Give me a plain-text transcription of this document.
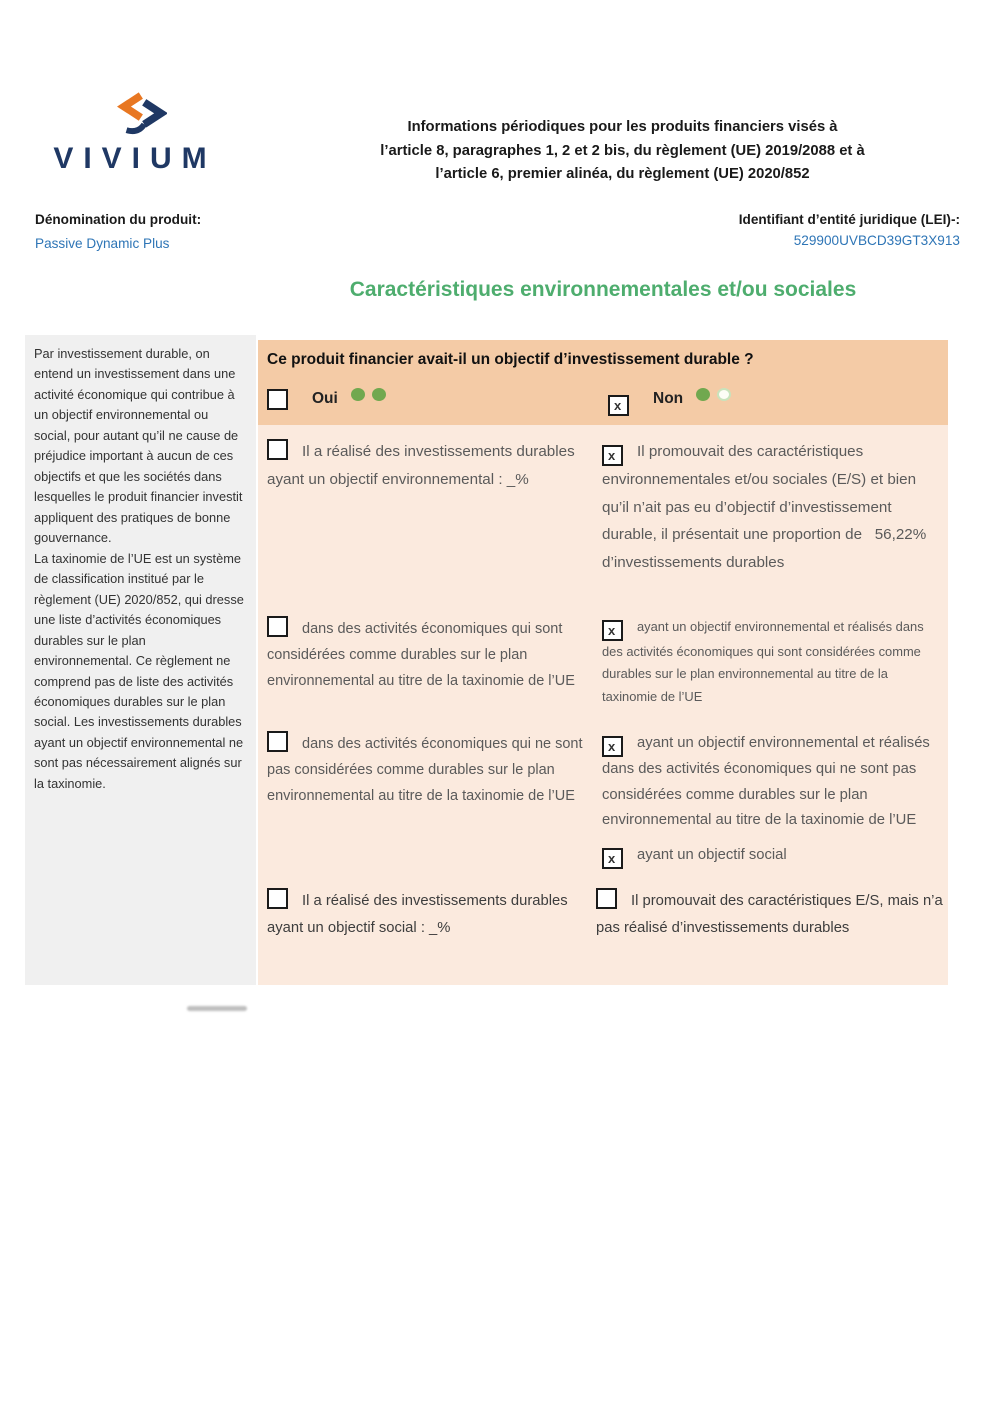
VIVIUM
Informations périodiques pour les produits financiers visés à
l’article 8, paragraphes 1, 2 et 2 bis, du règlement (UE) 2019/2088 et à
l’article 6, premier alinéa, du règlement (UE) 2020/852
Dénomination du produit:
Passive Dynamic Plus
Identifiant d’entité juridique (LEI)-:
529900UVBCD39GT3X913
Caractéristiques environnementales et/ou sociales

Par investissement durable, on entend un investissement dans une activité économique qui contribue à un objectif environnemental ou social, pour autant qu’il ne cause de préjudice important à aucun de ces objectifs et que les sociétés dans lesquelles le produit financier investit appliquent des pratiques de bonne gouvernance.

La taxinomie de l’UE est un système de classification institué par le règlement (UE) 2020/852, qui dresse une liste d’activités économiques durables sur le plan environnemental. Ce règlement ne comprend pas de liste des activités économiques durables sur le plan social. Les investissements durables ayant un objectif environnemental ne sont pas nécessairement alignés sur la taxinomie.

Ce produit financier avait-il un objectif d’investissement durable ?
Oui	x Non
Il a réalisé des investissements durables ayant un objectif environnemental : _%
dans des activités économiques qui sont considérées comme durables sur le plan environnemental au titre de la taxinomie de l’UE
dans des activités économiques qui ne sont pas considérées comme durables sur le plan environnemental au titre de la taxinomie de l’UE
Il a réalisé des investissements durables ayant un objectif social : _%
x Il promouvait des caractéristiques environnementales et/ou sociales (E/S) et bien qu’il n’ait pas eu d’objectif d’investissement durable, il présentait une proportion de   56,22% d’investissements durables
x ayant un objectif environnemental et réalisés dans des activités économiques qui sont considérées comme durables sur le plan environnemental au titre de la taxinomie de l’UE
x ayant un objectif environnemental et réalisés dans des activités économiques qui ne sont pas considérées comme durables sur le plan environnemental au titre de la taxinomie de l’UE
x ayant un objectif social
Il promouvait des caractéristiques E/S, mais n’a pas réalisé d’investissements durables
